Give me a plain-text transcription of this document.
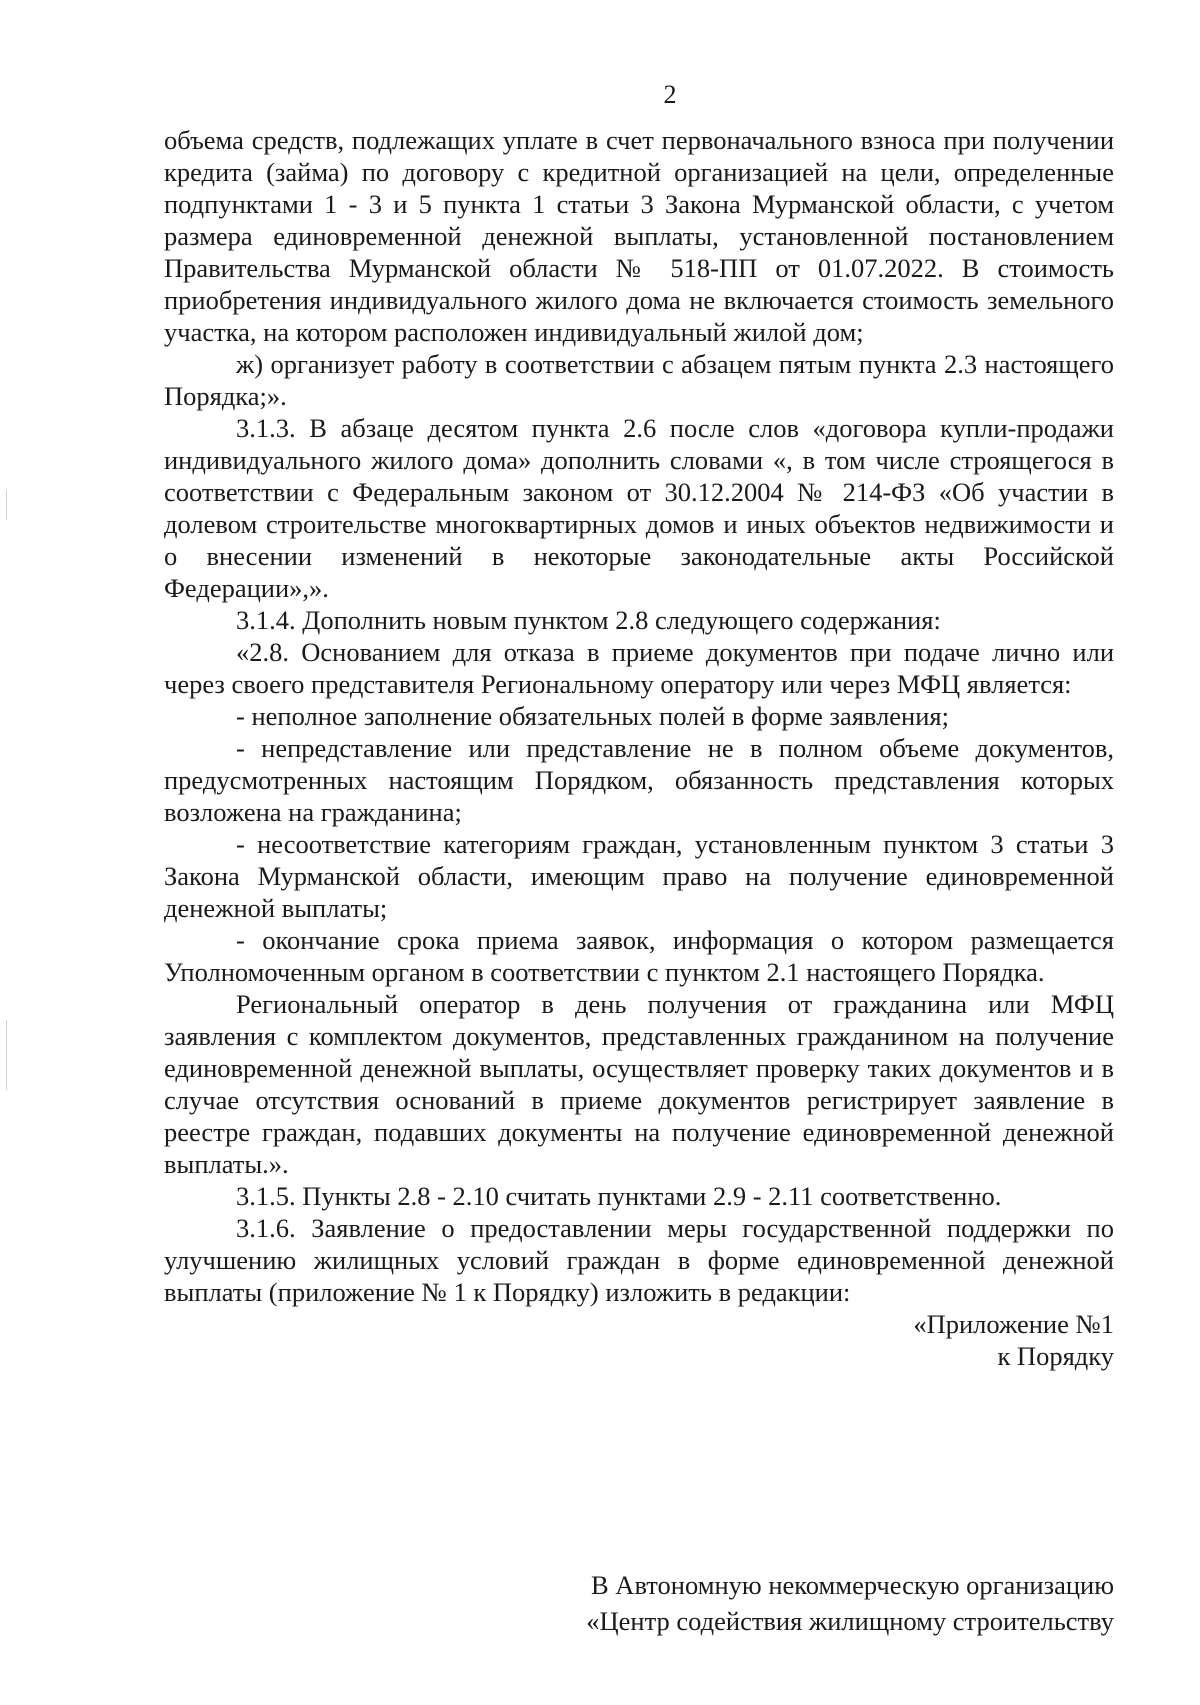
2

объема средств, подлежащих уплате в счет первоначального взноса при получении кредита (займа) по договору с кредитной организацией на цели, определенные подпунктами 1 - 3 и 5 пункта 1 статьи 3 Закона Мурманской области, с учетом размера единовременной денежной выплаты, установленной постановлением Правительства Мурманской области № 518-ПП от 01.07.2022. В стоимость приобретения индивидуального жилого дома не включается стоимость земельного участка, на котором расположен индивидуальный жилой дом;

ж) организует работу в соответствии с абзацем пятым пункта 2.3 настоящего Порядка;».

3.1.3. В абзаце десятом пункта 2.6 после слов «договора купли-продажи индивидуального жилого дома» дополнить словами «, в том числе строящегося в соответствии с Федеральным законом от 30.12.2004 № 214-ФЗ «Об участии в долевом строительстве многоквартирных домов и иных объектов недвижимости и о внесении изменений в некоторые законодательные акты Российской Федерации»,».

3.1.4. Дополнить новым пунктом 2.8 следующего содержания:

«2.8. Основанием для отказа в приеме документов при подаче лично или через своего представителя Региональному оператору или через МФЦ является:

- неполное заполнение обязательных полей в форме заявления;

- непредставление или представление не в полном объеме документов, предусмотренных настоящим Порядком, обязанность представления которых возложена на гражданина;

- несоответствие категориям граждан, установленным пунктом 3 статьи 3 Закона Мурманской области, имеющим право на получение единовременной денежной выплаты;

- окончание срока приема заявок, информация о котором размещается Уполномоченным органом в соответствии с пунктом 2.1 настоящего Порядка.

Региональный оператор в день получения от гражданина или МФЦ заявления с комплектом документов, представленных гражданином на получение единовременной денежной выплаты, осуществляет проверку таких документов и в случае отсутствия оснований в приеме документов регистрирует заявление в реестре граждан, подавших документы на получение единовременной денежной выплаты.».

3.1.5. Пункты 2.8 - 2.10 считать пунктами 2.9 - 2.11 соответственно.

3.1.6. Заявление о предоставлении меры государственной поддержки по улучшению жилищных условий граждан в форме единовременной денежной выплаты (приложение № 1 к Порядку) изложить в редакции:

«Приложение №1

к Порядку

В Автономную некоммерческую организацию

«Центр содействия жилищному строительству
